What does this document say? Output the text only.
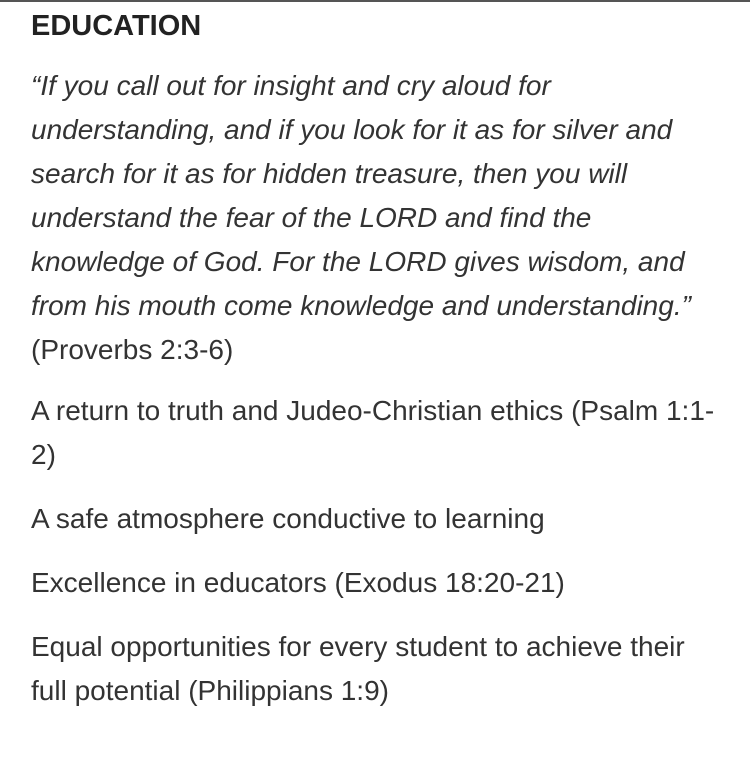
EDUCATION

“If you call out for insight and cry aloud for understanding, and if you look for it as for silver and search for it as for hidden treasure, then you will understand the fear of the LORD and find the knowledge of God. For the LORD gives wisdom, and from his mouth come knowledge and understanding.” (Proverbs 2:3-6)

A return to truth and Judeo-Christian ethics (Psalm 1:1-2)

A safe atmosphere conductive to learning

Excellence in educators (Exodus 18:20-21)

Equal opportunities for every student to achieve their full potential (Philippians 1:9)
